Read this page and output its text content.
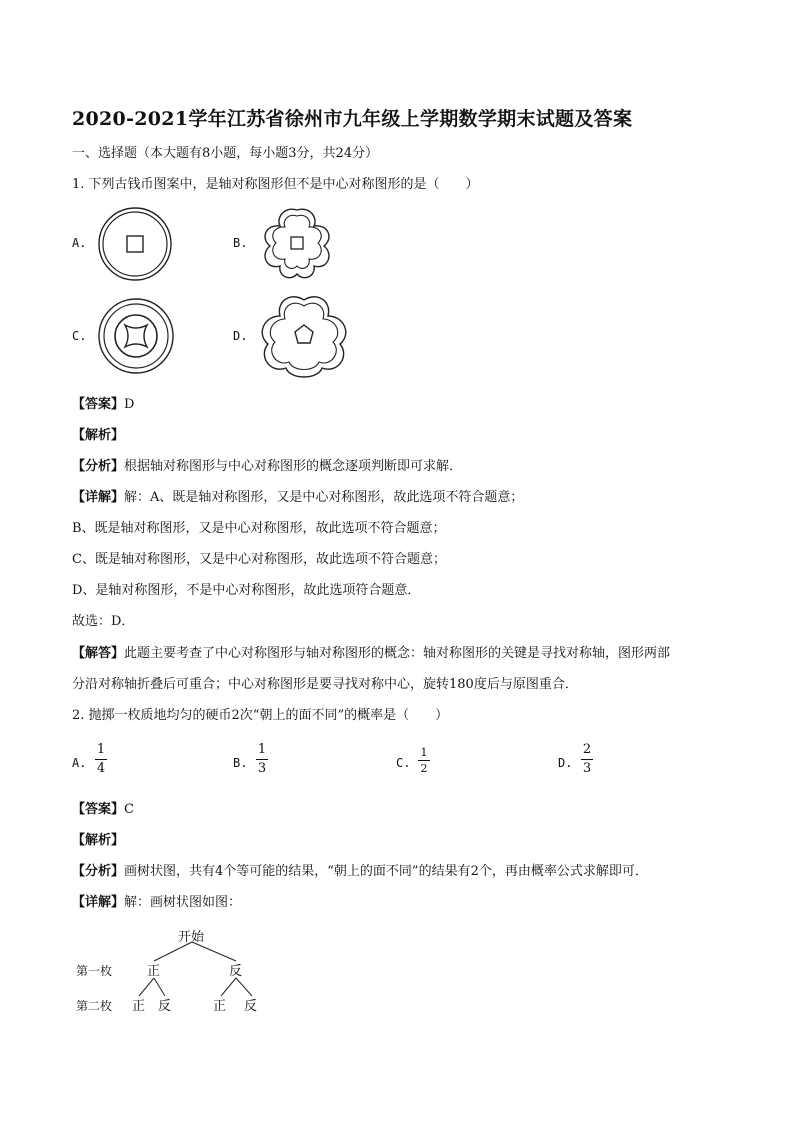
2020-2021学年江苏省徐州市九年级上学期数学期末试题及答案
一、选择题（本大题有8小题，每小题3分，共24分）
1. 下列古钱币图案中，是轴对称图形但不是中心对称图形的是（　　）
A.	B.
C.	D.
【答案】D
【解析】
【分析】根据轴对称图形与中心对称图形的概念逐项判断即可求解．
【详解】解：A、既是轴对称图形，又是中心对称图形，故此选项不符合题意；
B、既是轴对称图形，又是中心对称图形，故此选项不符合题意；
C、既是轴对称图形，又是中心对称图形，故此选项不符合题意；
D、是轴对称图形，不是中心对称图形，故此选项符合题意．
故选：D．
【解答】此题主要考查了中心对称图形与轴对称图形的概念：轴对称图形的关键是寻找对称轴，图形两部
分沿对称轴折叠后可重合；中心对称图形是要寻找对称中心，旋转180度后与原图重合．
2. 抛掷一枚质地均匀的硬币2次“朝上的面不同”的概率是（　　）
A.
1
4	B.
1
3	C.
1
2	D.
2
3
【答案】C
【解析】
【分析】画树状图，共有4个等可能的结果，“朝上的面不同”的结果有2个，再由概率公式求解即可．
【详解】解：画树状图如图：
开始
第一枚
第二枚
正	反
正 反	正 反
